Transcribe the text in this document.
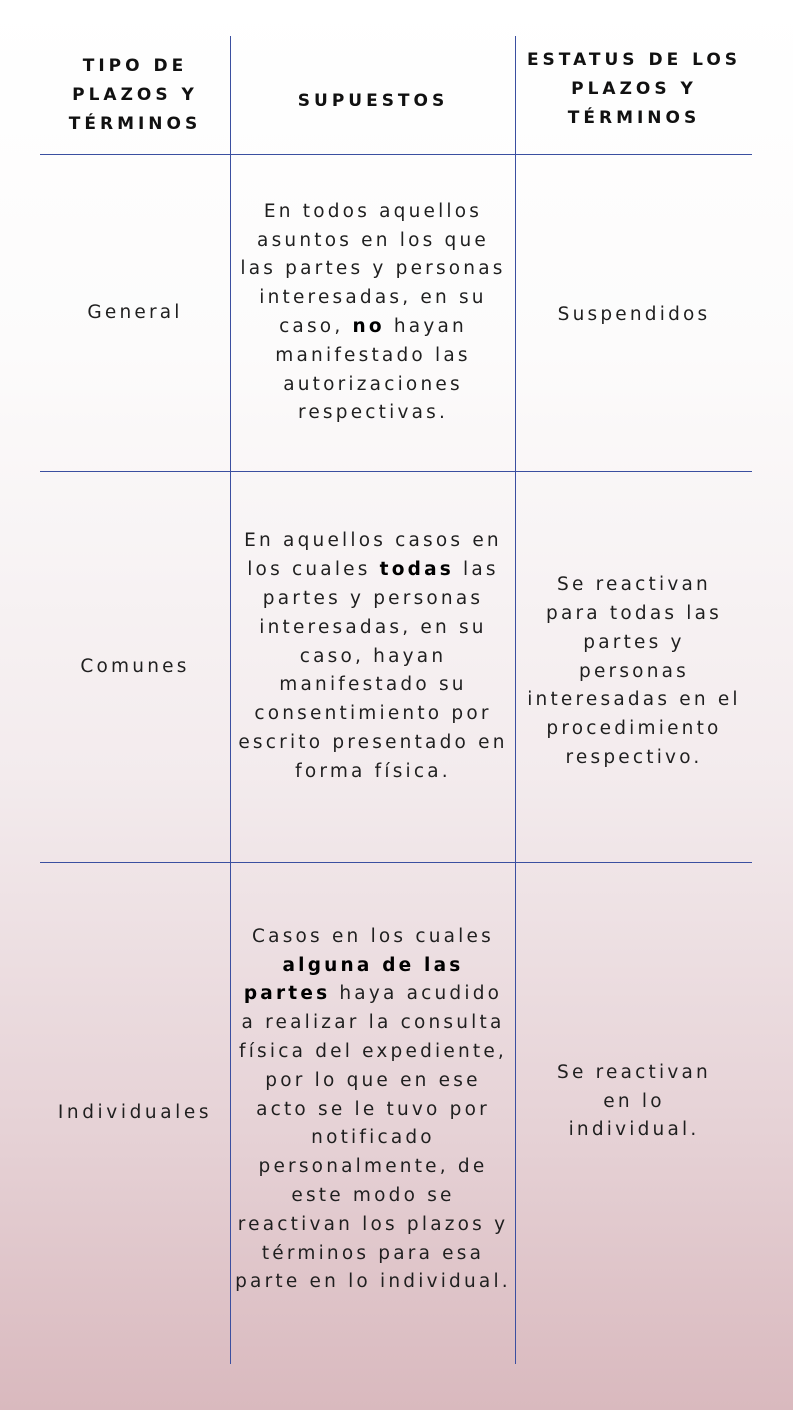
TIPO DE PLAZOS Y TÉRMINOS
SUPUESTOS
ESTATUS DE LOS PLAZOS Y TÉRMINOS
General
En todos aquellos asuntos en los que las partes y personas interesadas, en su caso, no hayan manifestado las autorizaciones respectivas.
Suspendidos
Comunes
En aquellos casos en los cuales todas las partes y personas interesadas, en su caso, hayan manifestado su consentimiento por escrito presentado en forma física.
Se reactivan para todas las partes y personas interesadas en el procedimiento respectivo.
Individuales
Casos en los cuales alguna de las partes haya acudido a realizar la consulta física del expediente, por lo que en ese acto se le tuvo por notificado personalmente, de este modo se reactivan los plazos y términos para esa parte en lo individual.
Se reactivan en lo individual.
